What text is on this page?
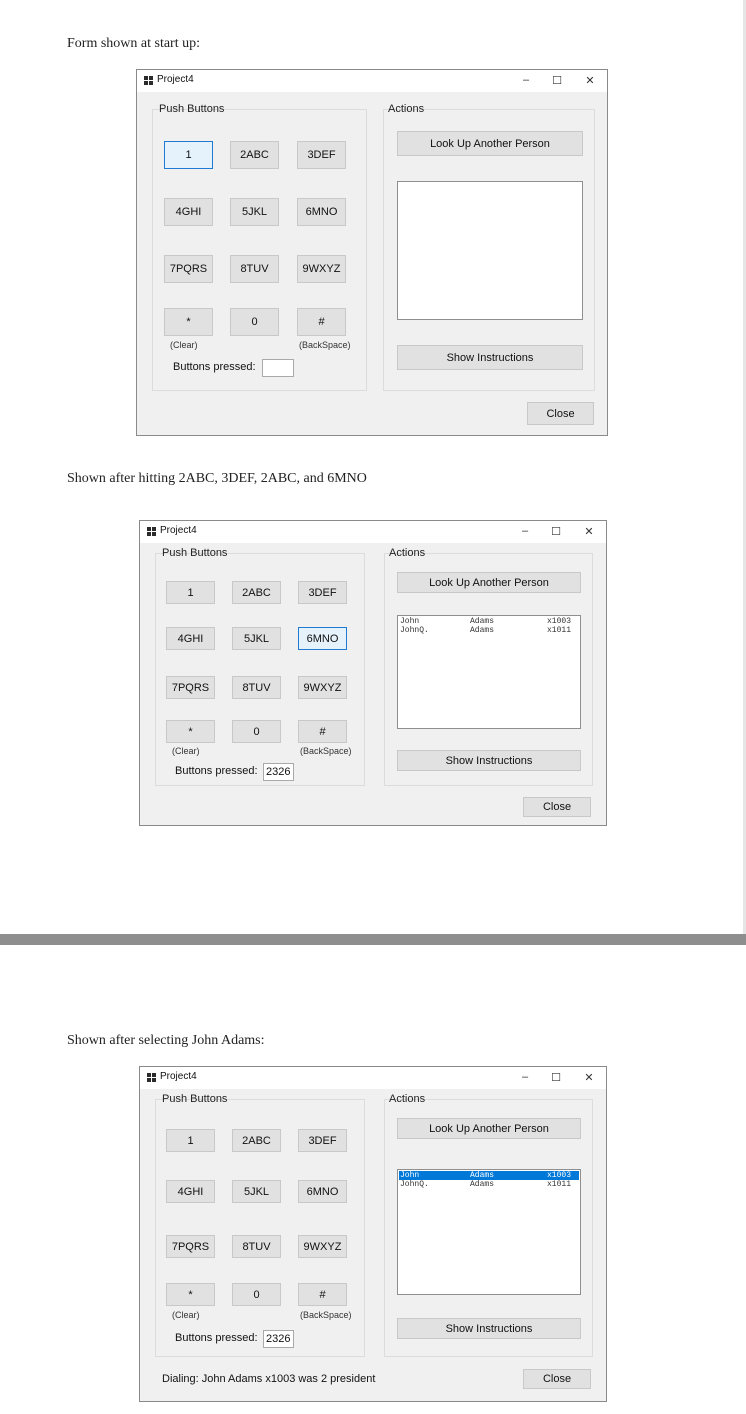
Form shown at start up:
Shown after hitting 2ABC, 3DEF, 2ABC, and 6MNO
Shown after selecting John Adams:
Project4	–	☐	✕
Push Buttons
1	2ABC	3DEF
4GHI	5JKL	6MNO
7PQRS	8TUV	9WXYZ
*	0	#
(Clear)	(BackSpace)
Buttons pressed:
Actions
Look Up Another Person
Show Instructions
Close
Project4	–	☐	✕
Push Buttons
1	2ABC	3DEF
4GHI	5JKL	6MNO
7PQRS	8TUV	9WXYZ
*	0	#
(Clear)	(BackSpace)
Buttons pressed: 2326
Actions
Look Up Another Person
John	Adams	x1003
JohnQ.	Adams	x1011
Show Instructions
Close
Project4	–	☐	✕
Push Buttons
1	2ABC	3DEF
4GHI	5JKL	6MNO
7PQRS	8TUV	9WXYZ
*	0	#
(Clear)	(BackSpace)
Buttons pressed: 2326
Actions
Look Up Another Person
John	Adams	x1003
JohnQ.	Adams	x1011
Show Instructions
Close
Dialing: John Adams x1003 was 2 president
